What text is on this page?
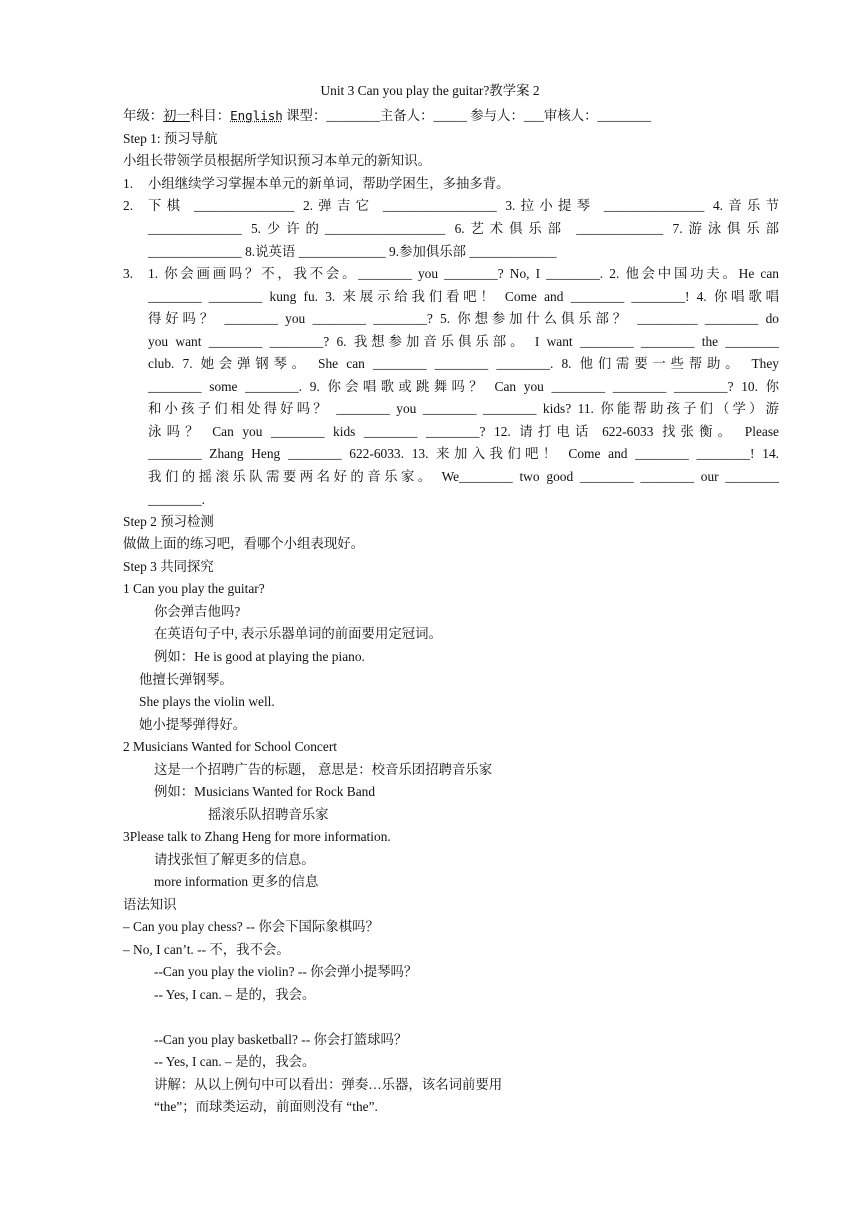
Unit 3 Can you play the guitar?教学案 2
年级：初一科目：English 课型：________主备人：_____ 参与人：___审核人：________
Step 1: 预习导航
小组长带领学员根据所学知识预习本单元的新知识。
1. 小组继续学习掌握本单元的新单词，帮助学困生，多抽多背。
2. 下棋 _______________ 2.弹吉它 _________________ 3.拉小提琴 _______________ 4.音乐节
______________ 5.少许的__________________ 6.艺术俱乐部 _____________ 7.游泳俱乐部
______________ 8.说英语 _____________ 9.参加俱乐部 _____________
3. 1. 你会画画吗？不，我不会。________ you ________? No, I ________. 2. 他会中国功夫。He can
________ ________ kung fu. 3. 来展示给我们看吧！ Come and ________ ________! 4. 你唱歌唱
得好吗？ ________ you ________ ________? 5. 你想参加什么俱乐部？ _________ ________ do
you want ________ ________? 6. 我想参加音乐俱乐部。 I want ________ ________ the ________
club. 7. 她会弹钢琴。 She can ________ ________ ________. 8. 他们需要一些帮助。 They
________ some ________. 9. 你会唱歌或跳舞吗？ Can you ________ ________ ________? 10. 你
和小孩子们相处得好吗？ ________ you ________ ________ kids? 11. 你能帮助孩子们（学）游
泳吗？ Can you ________ kids ________ ________? 12. 请打电话 622-6033 找张衡。 Please
________ Zhang Heng ________ 622-6033. 13. 来加入我们吧！ Come and ________ ________! 14.
我们的摇滚乐队需要两名好的音乐家。 We________ two good ________ ________ our ________
________.
Step 2 预习检测
做做上面的练习吧，看哪个小组表现好。
Step 3 共同探究
1 Can you play the guitar?
你会弹吉他吗?
在英语句子中, 表示乐器单词的前面要用定冠词。
例如：He is good at playing the piano.
他擅长弹钢琴。
She plays the violin well.
她小提琴弹得好。
2 Musicians Wanted for School Concert
这是一个招聘广告的标题， 意思是：校音乐团招聘音乐家
例如：Musicians Wanted for Rock Band
摇滚乐队招聘音乐家
3Please talk to Zhang Heng for more information.
请找张恒了解更多的信息。
more information 更多的信息
语法知识
– Can you play chess? -- 你会下国际象棋吗？
– No, I can’t. -- 不，我不会。
--Can you play the violin? -- 你会弹小提琴吗？
-- Yes, I can. – 是的，我会。
--Can you play basketball? -- 你会打篮球吗？
-- Yes, I can. – 是的，我会。
讲解：从以上例句中可以看出：弹奏…乐器，该名词前要用
“the”；而球类运动，前面则没有 “the”.
